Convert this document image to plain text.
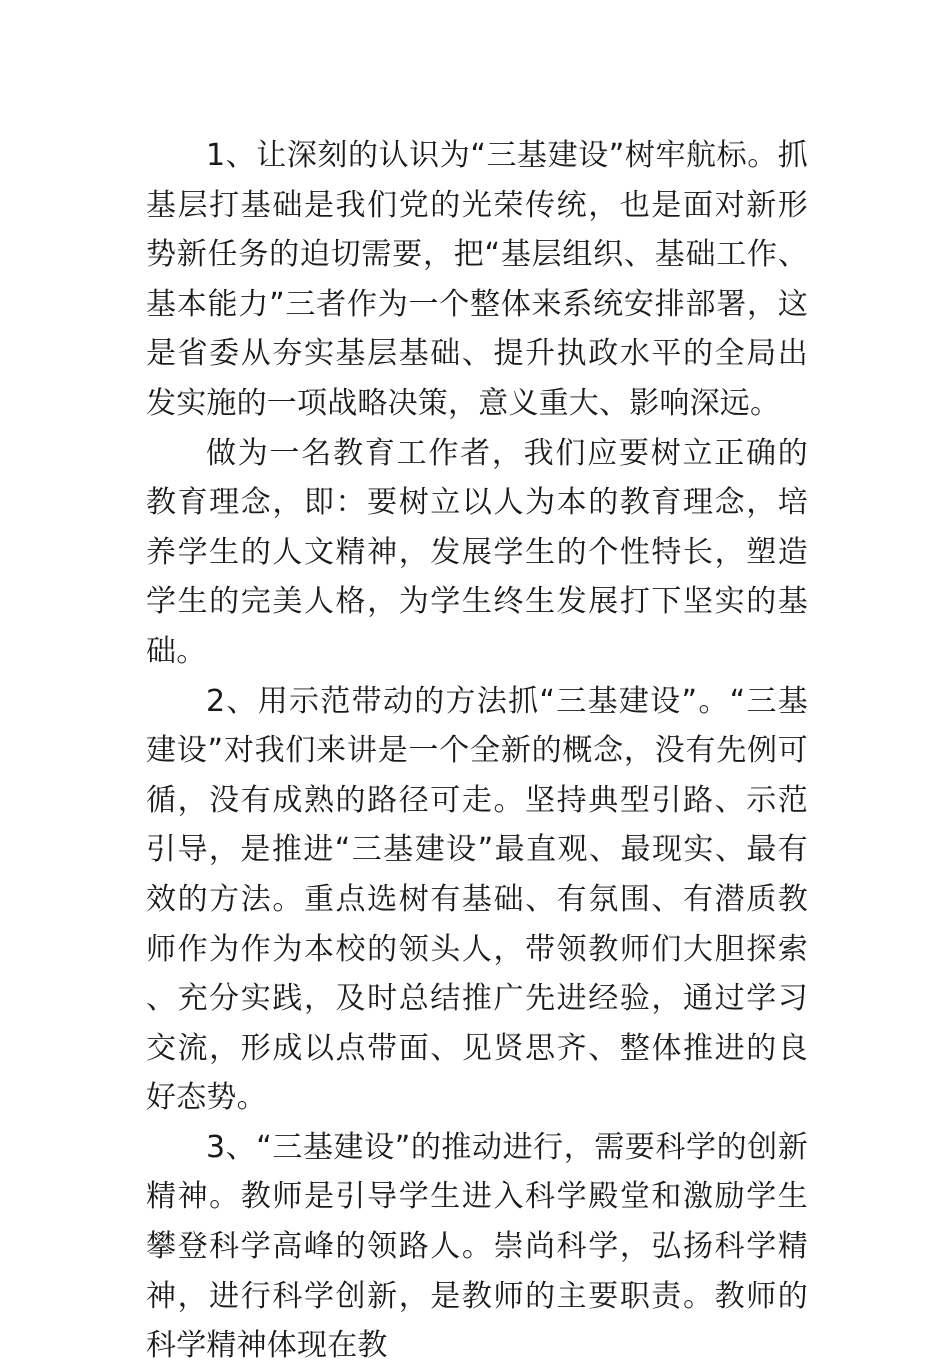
1、让深刻的认识为“三基建设”树牢航标。抓基层打基础是我们党的光荣传统，也是面对新形势新任务的迫切需要，把“基层组织、基础工作、基本能力”三者作为一个整体来系统安排部署，这是省委从夯实基层基础、提升执政水平的全局出发实施的一项战略决策，意义重大、影响深远。

做为一名教育工作者，我们应要树立正确的教育理念，即：要树立以人为本的教育理念，培养学生的人文精神，发展学生的个性特长，塑造学生的完美人格，为学生终生发展打下坚实的基础。

2、用示范带动的方法抓“三基建设”。“三基建设”对我们来讲是一个全新的概念，没有先例可循，没有成熟的路径可走。坚持典型引路、示范引导，是推进“三基建设”最直观、最现实、最有效的方法。重点选树有基础、有氛围、有潜质教师作为作为本校的领头人，带领教师们大胆探索、充分实践，及时总结推广先进经验，通过学习交流，形成以点带面、见贤思齐、整体推进的良好态势。

3、“三基建设”的推动进行，需要科学的创新精神。教师是引导学生进入科学殿堂和激励学生攀登科学高峰的领路人。崇尚科学，弘扬科学精神，进行科学创新，是教师的主要职责。教师的科学精神体现在教
